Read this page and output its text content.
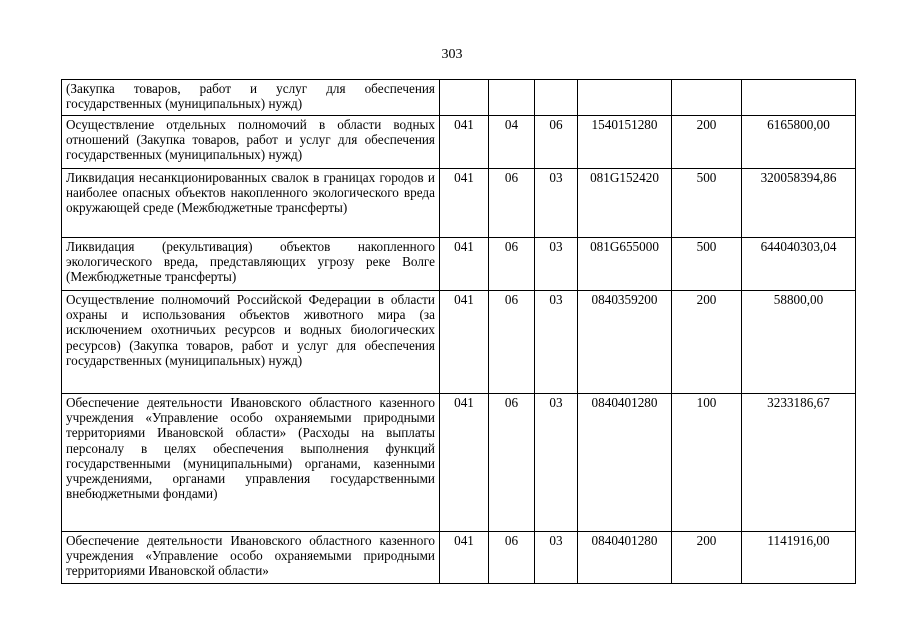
303
(Закупка товаров, работ и услуг для обеспечения государственных (муниципальных) нужд)						
Осуществление отдельных полномочий в области водных отношений (Закупка товаров, работ и услуг для обеспечения государственных (муниципальных) нужд)	041	04	06	1540151280	200	6165800,00
Ликвидация несанкционированных свалок в границах городов и наиболее опасных объектов накопленного экологического вреда окружающей среде (Межбюджетные трансферты)	041	06	03	081G152420	500	320058394,86
Ликвидация (рекультивация) объектов накопленного экологического вреда, представляющих угрозу реке Волге (Межбюджетные трансферты)	041	06	03	081G655000	500	644040303,04
Осуществление полномочий Российской Федерации в области охраны и использования объектов животного мира (за исключением охотничьих ресурсов и водных биологических ресурсов) (Закупка товаров, работ и услуг для обеспечения государственных (муниципальных) нужд)	041	06	03	0840359200	200	58800,00
Обеспечение деятельности Ивановского областного казенного учреждения «Управление особо охраняемыми природными территориями Ивановской области» (Расходы на выплаты персоналу в целях обеспечения выполнения функций государственными (муниципальными) органами, казенными учреждениями, органами управления государственными внебюджетными фондами)	041	06	03	0840401280	100	3233186,67
Обеспечение деятельности Ивановского областного казенного учреждения «Управление особо охраняемыми природными территориями Ивановской области»	041	06	03	0840401280	200	1141916,00
